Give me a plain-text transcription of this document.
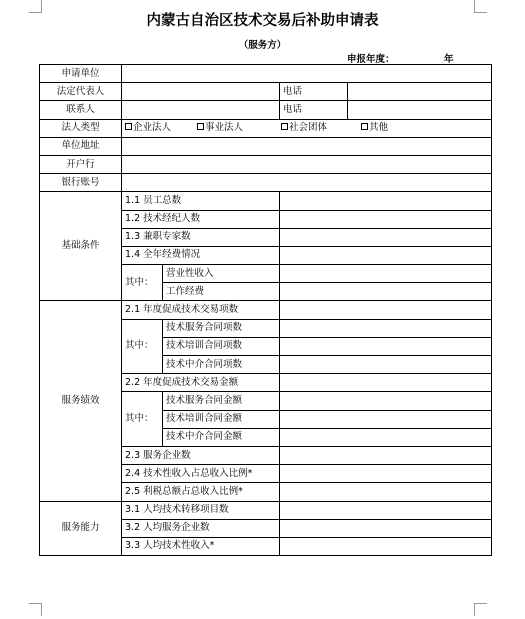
内蒙古自治区技术交易后补助申请表
（服务方）
申报年度：	年
申请单位				
法定代表人			电话	
联系人			电话	
法人类型	企业法人 事业法人 社会团体 其他			
单位地址				
开户行				
银行账号				
基础条件	1.1 员工总数			
	1.2 技术经纪人数			
	1.3 兼职专家数			
	1.4 全年经费情况			
	其中：	营业性收入		
		工作经费		
服务绩效	2.1 年度促成技术交易项数			
	其中：	技术服务合同项数		
		技术培训合同项数		
		技术中介合同项数		
	2.2 年度促成技术交易金额			
	其中：	技术服务合同金额		
		技术培训合同金额		
		技术中介合同金额		
	2.3 服务企业数			
	2.4 技术性收入占总收入比例*			
	2.5 利税总额占总收入比例*			
服务能力	3.1 人均技术转移项目数			
	3.2 人均服务企业数			
	3.3 人均技术性收入*			
